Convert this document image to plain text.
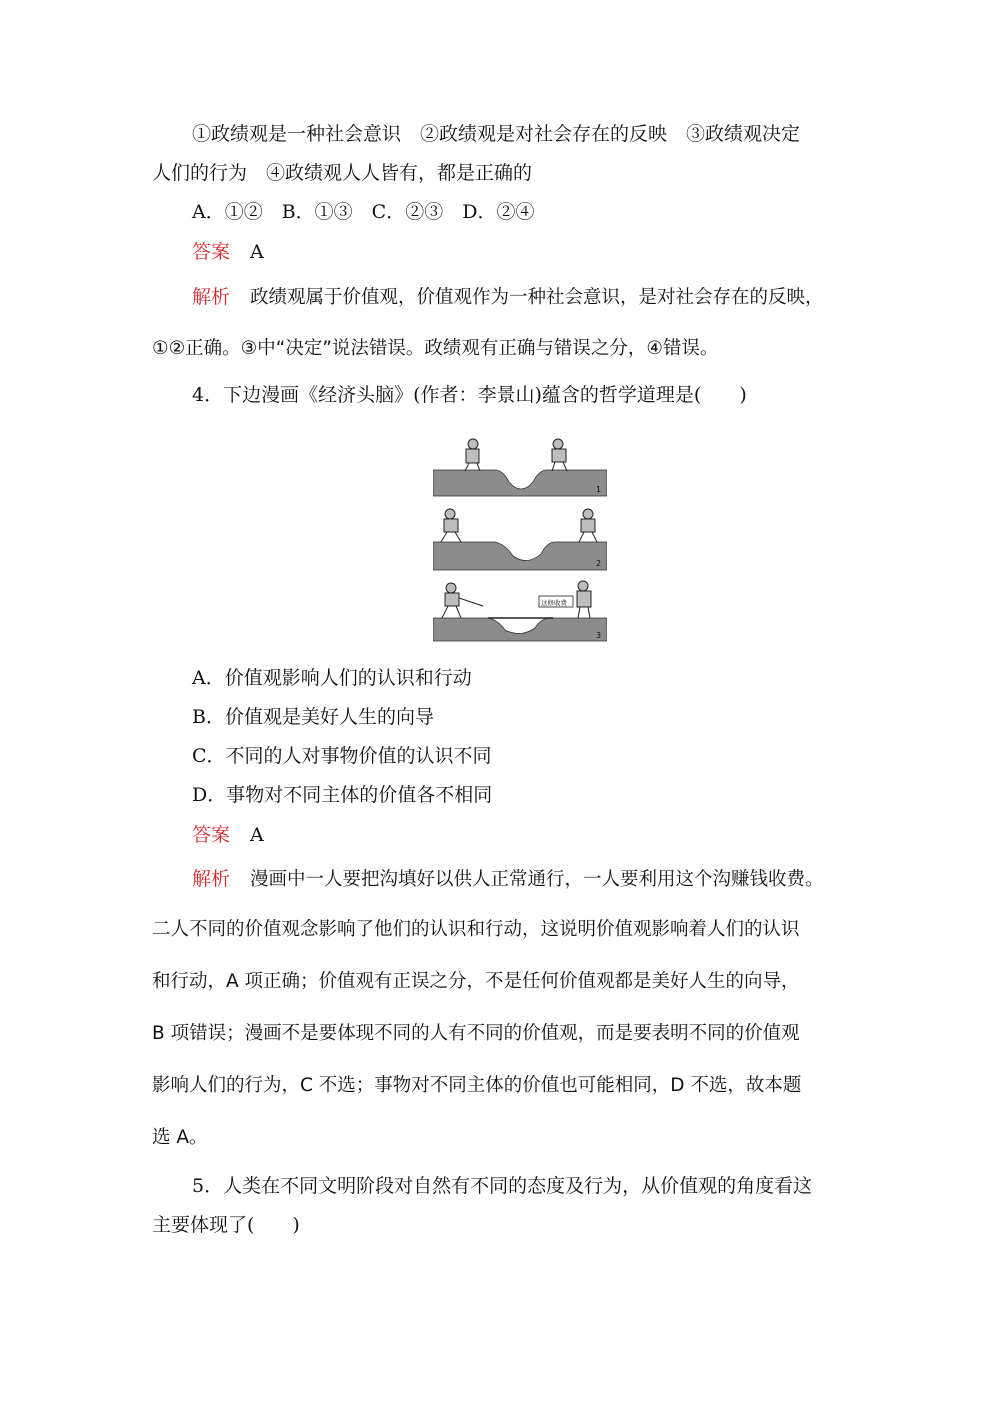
①政绩观是一种社会意识　②政绩观是对社会存在的反映　③政绩观决定
人们的行为　④政绩观人人皆有，都是正确的
A．①②　B．①③　C．②③　D．②④
答案 A
解析 政绩观属于价值观，价值观作为一种社会意识，是对社会存在的反映，
①②正确。③中“决定”说法错误。政绩观有正确与错误之分，④错误。
4．下边漫画《经济头脑》(作者：李景山)蕴含的哲学道理是(　　)
1
2
这修收费
3
A．价值观影响人们的认识和行动
B．价值观是美好人生的向导
C．不同的人对事物价值的认识不同
D．事物对不同主体的价值各不相同
答案 A
解析 漫画中一人要把沟填好以供人正常通行，一人要利用这个沟赚钱收费。
二人不同的价值观念影响了他们的认识和行动，这说明价值观影响着人们的认识
和行动，A 项正确；价值观有正误之分，不是任何价值观都是美好人生的向导，
B 项错误；漫画不是要体现不同的人有不同的价值观，而是要表明不同的价值观
影响人们的行为，C 不选；事物对不同主体的价值也可能相同，D 不选，故本题
选 A。
5．人类在不同文明阶段对自然有不同的态度及行为，从价值观的角度看这
主要体现了(　　)
